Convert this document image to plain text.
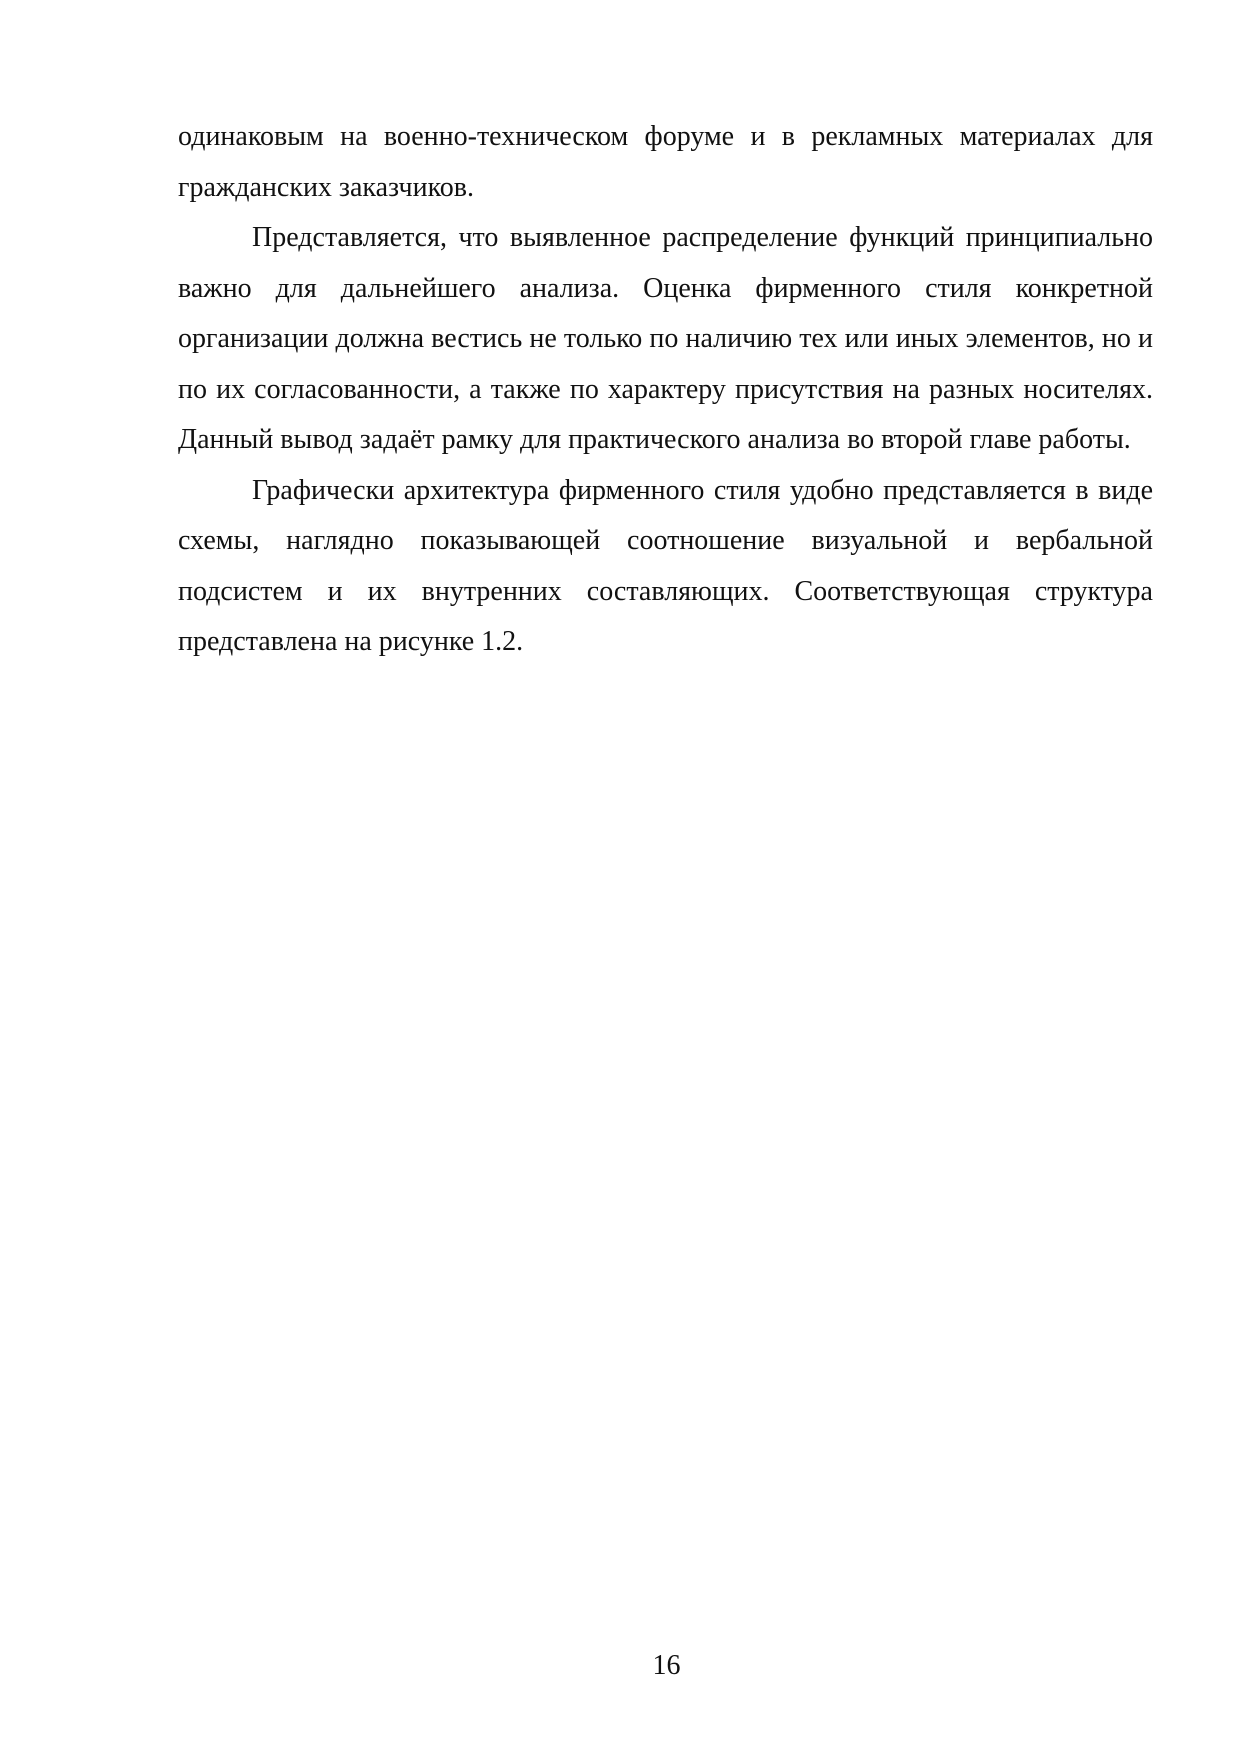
одинаковым на военно-техническом форуме и в рекламных материалах для гражданских заказчиков.

Представляется, что выявленное распределение функций принципиально важно для дальнейшего анализа. Оценка фирменного стиля конкретной организации должна вестись не только по наличию тех или иных элементов, но и по их согласованности, а также по характеру присутствия на разных носителях. Данный вывод задаёт рамку для практического анализа во второй главе работы.

Графически архитектура фирменного стиля удобно представляется в виде схемы, наглядно показывающей соотношение визуальной и вербальной подсистем и их внутренних составляющих. Соответствующая структура представлена на рисунке 1.2.

16
